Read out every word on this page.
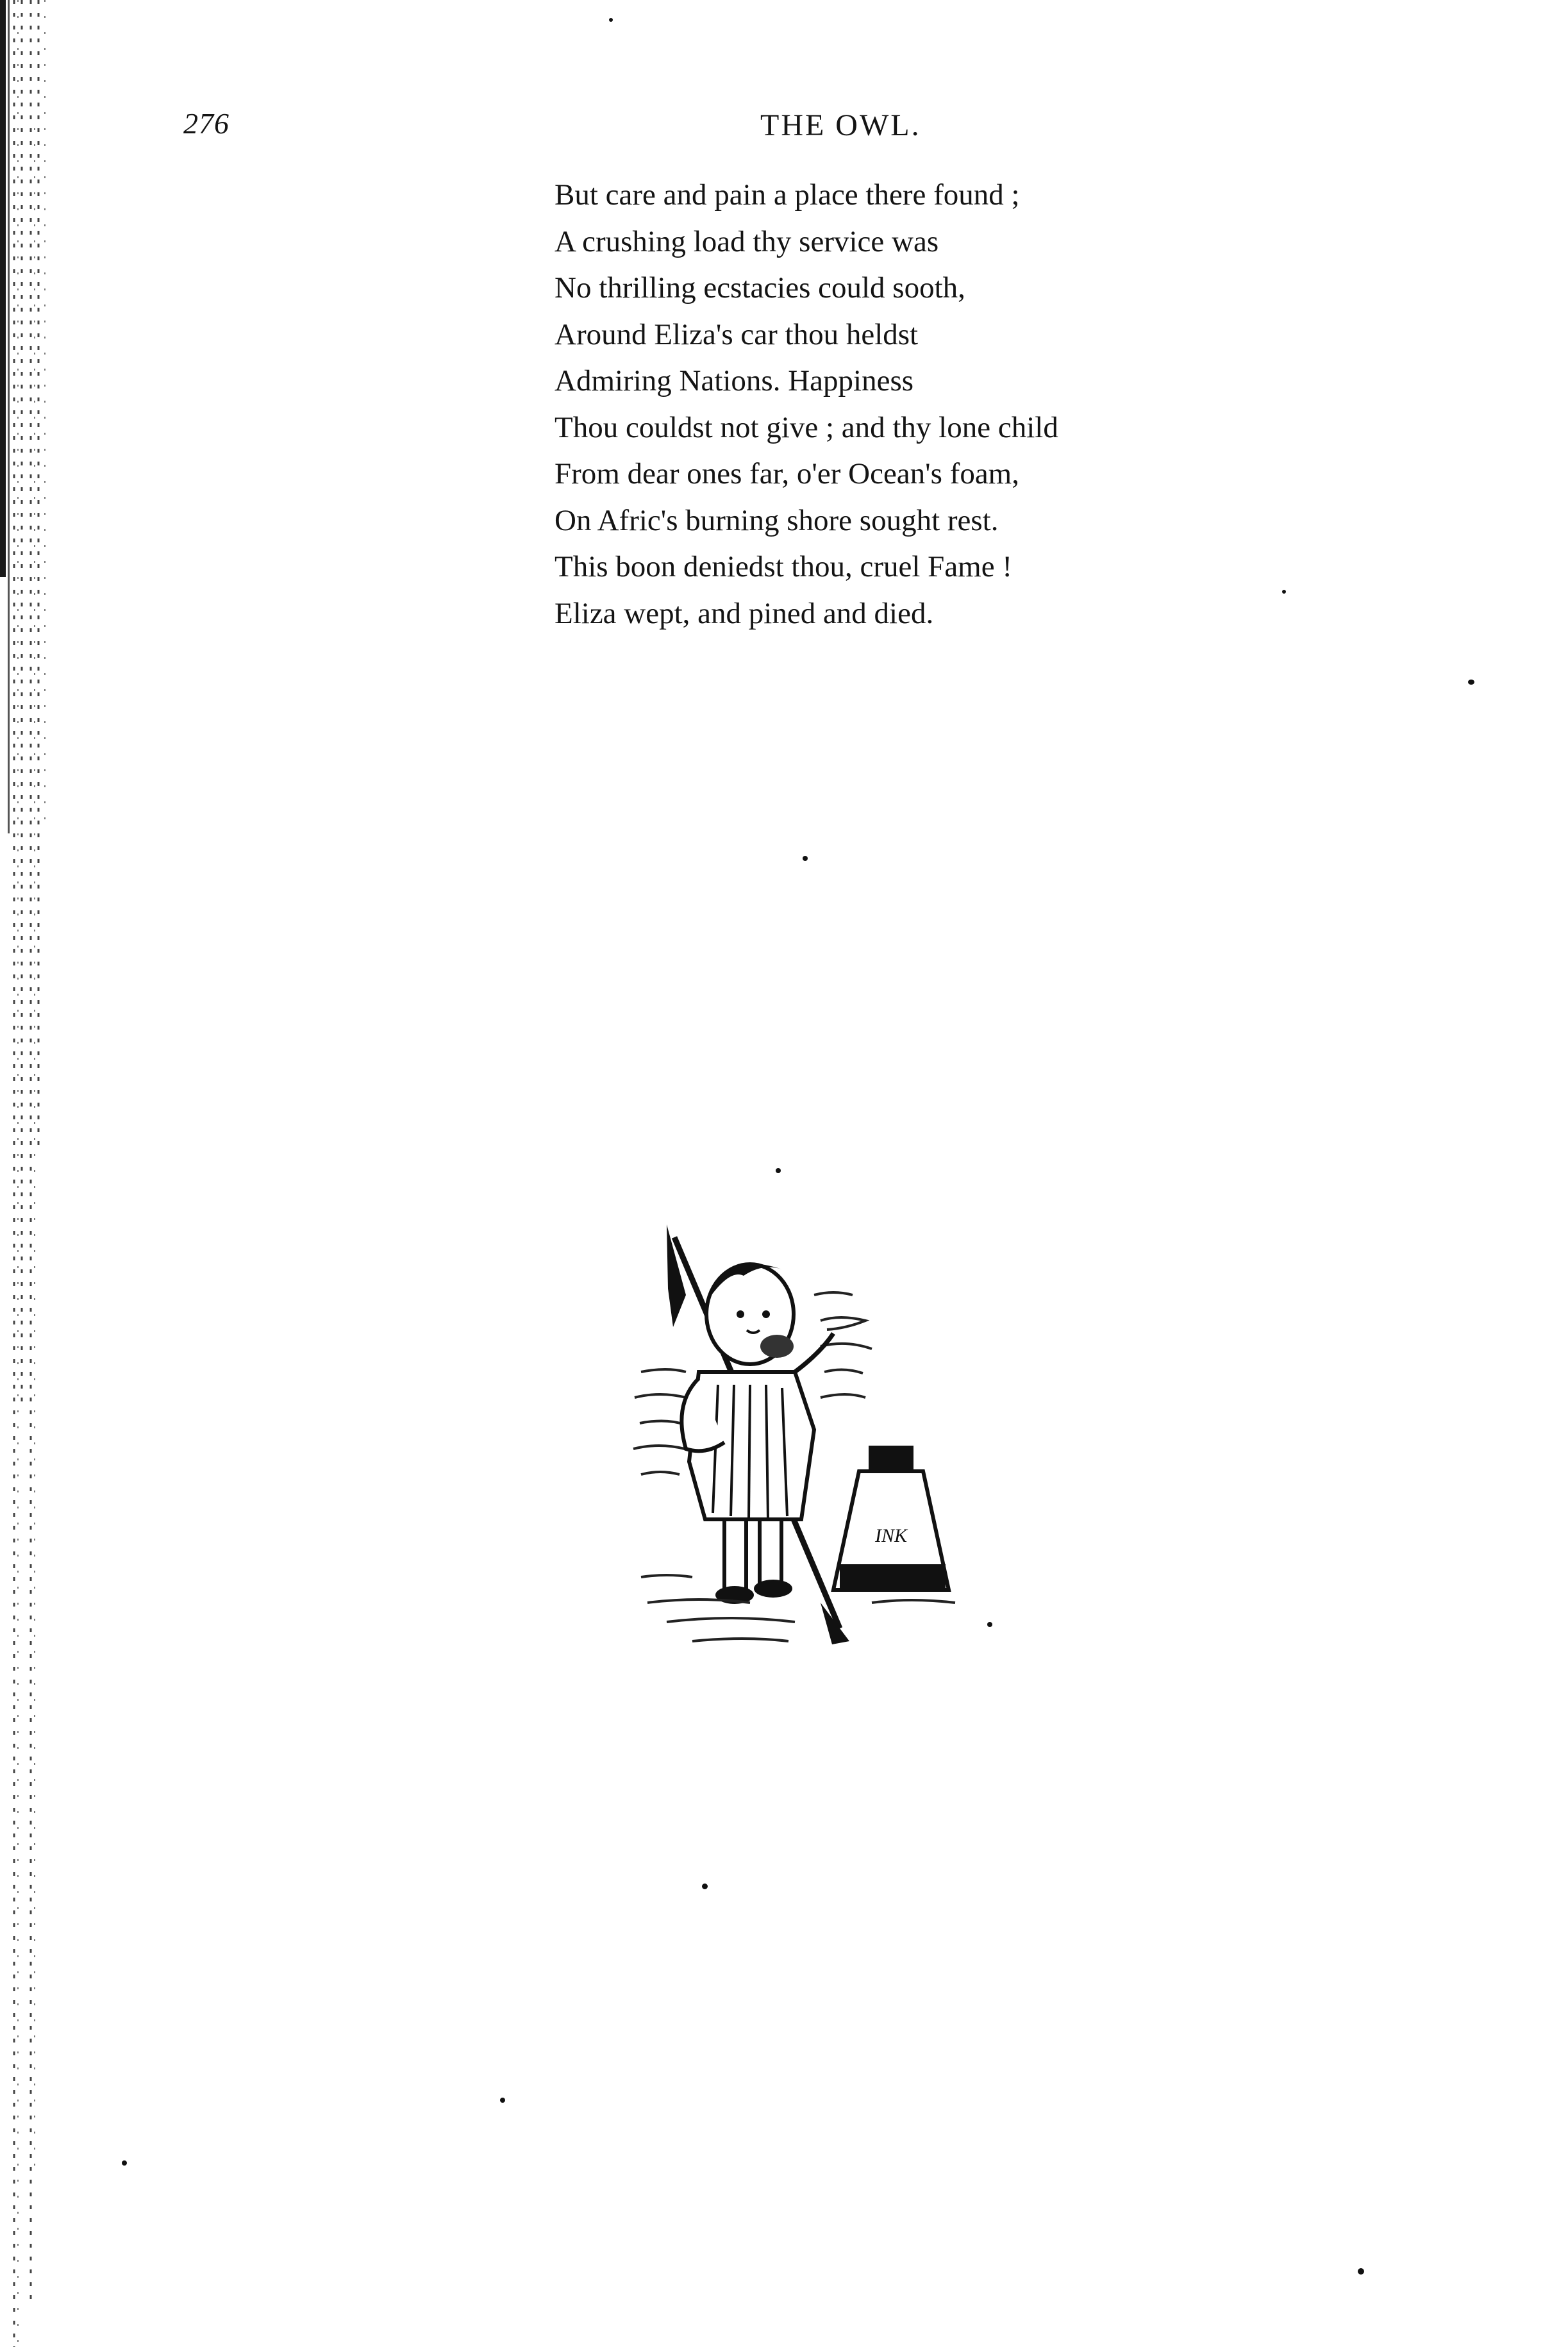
276	THE OWL.
But care and pain a place there found ;
A crushing load thy service was
No thrilling ecstacies could sooth,
Around Eliza's car thou heldst
Admiring Nations. Happiness
Thou couldst not give ; and thy lone child
From dear ones far, o'er Ocean's foam,
On Afric's burning shore sought rest.
This boon deniedst thou, cruel Fame !
Eliza wept, and pined and died.
INK
